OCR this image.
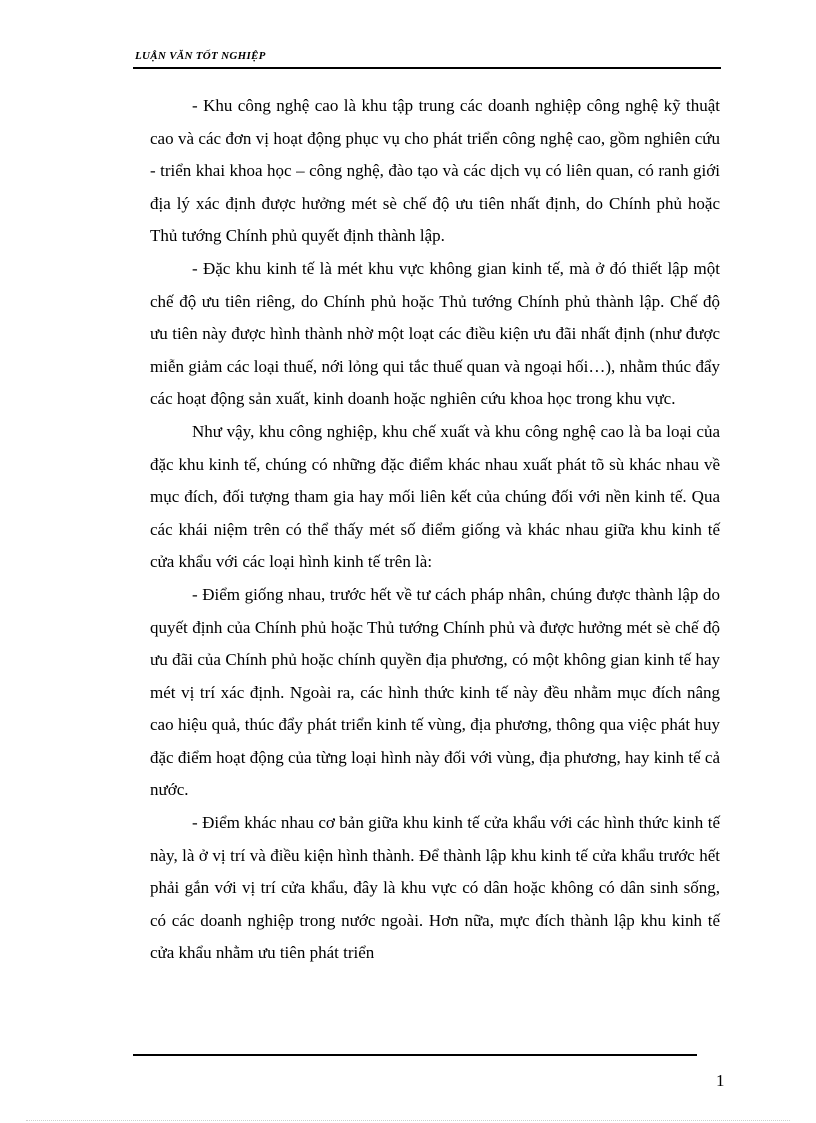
LUẬN VĂN TỐT NGHIỆP

- Khu công nghệ cao là khu tập trung các doanh nghiệp công nghệ kỹ thuật cao và các đơn vị hoạt động phục vụ cho phát triển công nghệ cao, gồm nghiên cứu - triển khai khoa học – công nghệ, đào tạo và các dịch vụ có liên quan, có ranh giới địa lý xác định được hưởng mét sè chế độ ưu tiên nhất định, do Chính phủ hoặc Thủ tướng Chính phủ quyết định thành lập.

- Đặc khu kinh tế là mét khu vực không gian kinh tế, mà ở đó thiết lập một chế độ ưu tiên riêng, do Chính phủ hoặc Thủ tướng Chính phủ thành lập. Chế độ ưu tiên này được hình thành nhờ một loạt các điều kiện ưu đãi nhất định (như được miễn giảm các loại thuế, nới lỏng qui tắc thuế quan và ngoại hối…), nhằm thúc đẩy các hoạt động sản xuất, kinh doanh hoặc nghiên cứu khoa học trong khu vực.

Như vậy, khu công nghiệp, khu chế xuất và khu công nghệ cao là ba loại của đặc khu kinh tế, chúng có những đặc điểm khác nhau xuất phát tõ sù khác nhau về mục đích, đối tượng tham gia hay mối liên kết của chúng đối với nền kinh tế. Qua các khái niệm trên có thể thấy mét số điểm giống và khác nhau giữa khu kinh tế cửa khẩu với các loại hình kinh tế trên là:

- Điểm giống nhau, trước hết về tư cách pháp nhân, chúng được thành lập do quyết định của Chính phủ hoặc Thủ tướng Chính phủ và được hưởng mét sè chế độ ưu đãi của Chính phủ hoặc chính quyền địa phương, có một không gian kinh tế hay mét vị trí xác định. Ngoài ra, các hình thức kinh tế này đều nhằm mục đích nâng cao hiệu quả, thúc đẩy phát triển kinh tế vùng, địa phương, thông qua việc phát huy đặc điểm hoạt động của từng loại hình này đối với vùng, địa phương, hay kinh tế cả nước.

- Điểm khác nhau cơ bản giữa khu kinh tế cửa khẩu với các hình thức kinh tế này, là ở vị trí và điều kiện hình thành. Để thành lập khu kinh tế cửa khẩu trước hết phải gắn với vị trí cửa khẩu, đây là khu vực có dân hoặc không có dân sinh sống, có các doanh nghiệp trong nước ngoài. Hơn nữa, mực đích thành lập khu kinh tế cửa khẩu nhằm ưu tiên phát triển

1
